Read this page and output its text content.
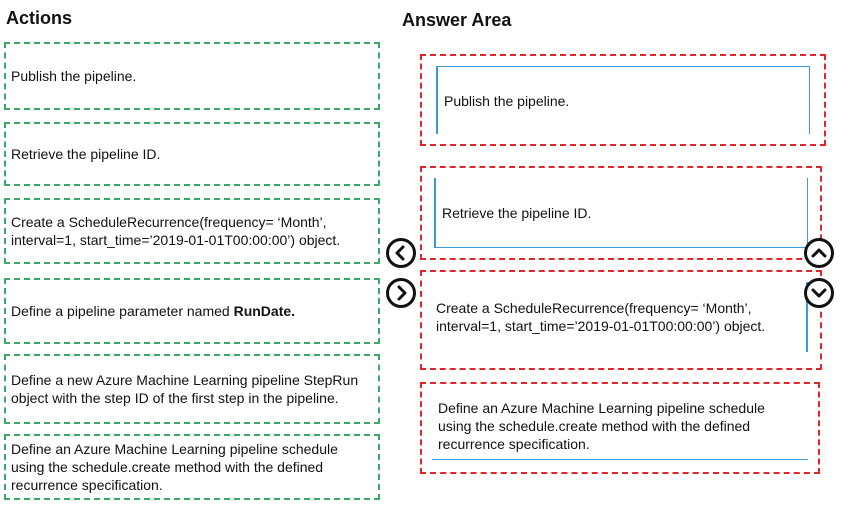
Actions
Publish the pipeline.
Retrieve the pipeline ID.
Create a ScheduleRecurrence(frequency= ‘Month’, interval=1, start_time=’2019-01-01T00:00:00’) object.
Define a pipeline parameter named RunDate.
Define a new Azure Machine Learning pipeline StepRun object with the step ID of the first step in the pipeline.
Define an Azure Machine Learning pipeline schedule using the schedule.create method with the defined recurrence specification.
Answer Area
Publish the pipeline.
Retrieve the pipeline ID.
Create a ScheduleRecurrence(frequency= ‘Month’, interval=1, start_time=’2019-01-01T00:00:00’) object.
Define an Azure Machine Learning pipeline schedule using the schedule.create method with the defined recurrence specification.
